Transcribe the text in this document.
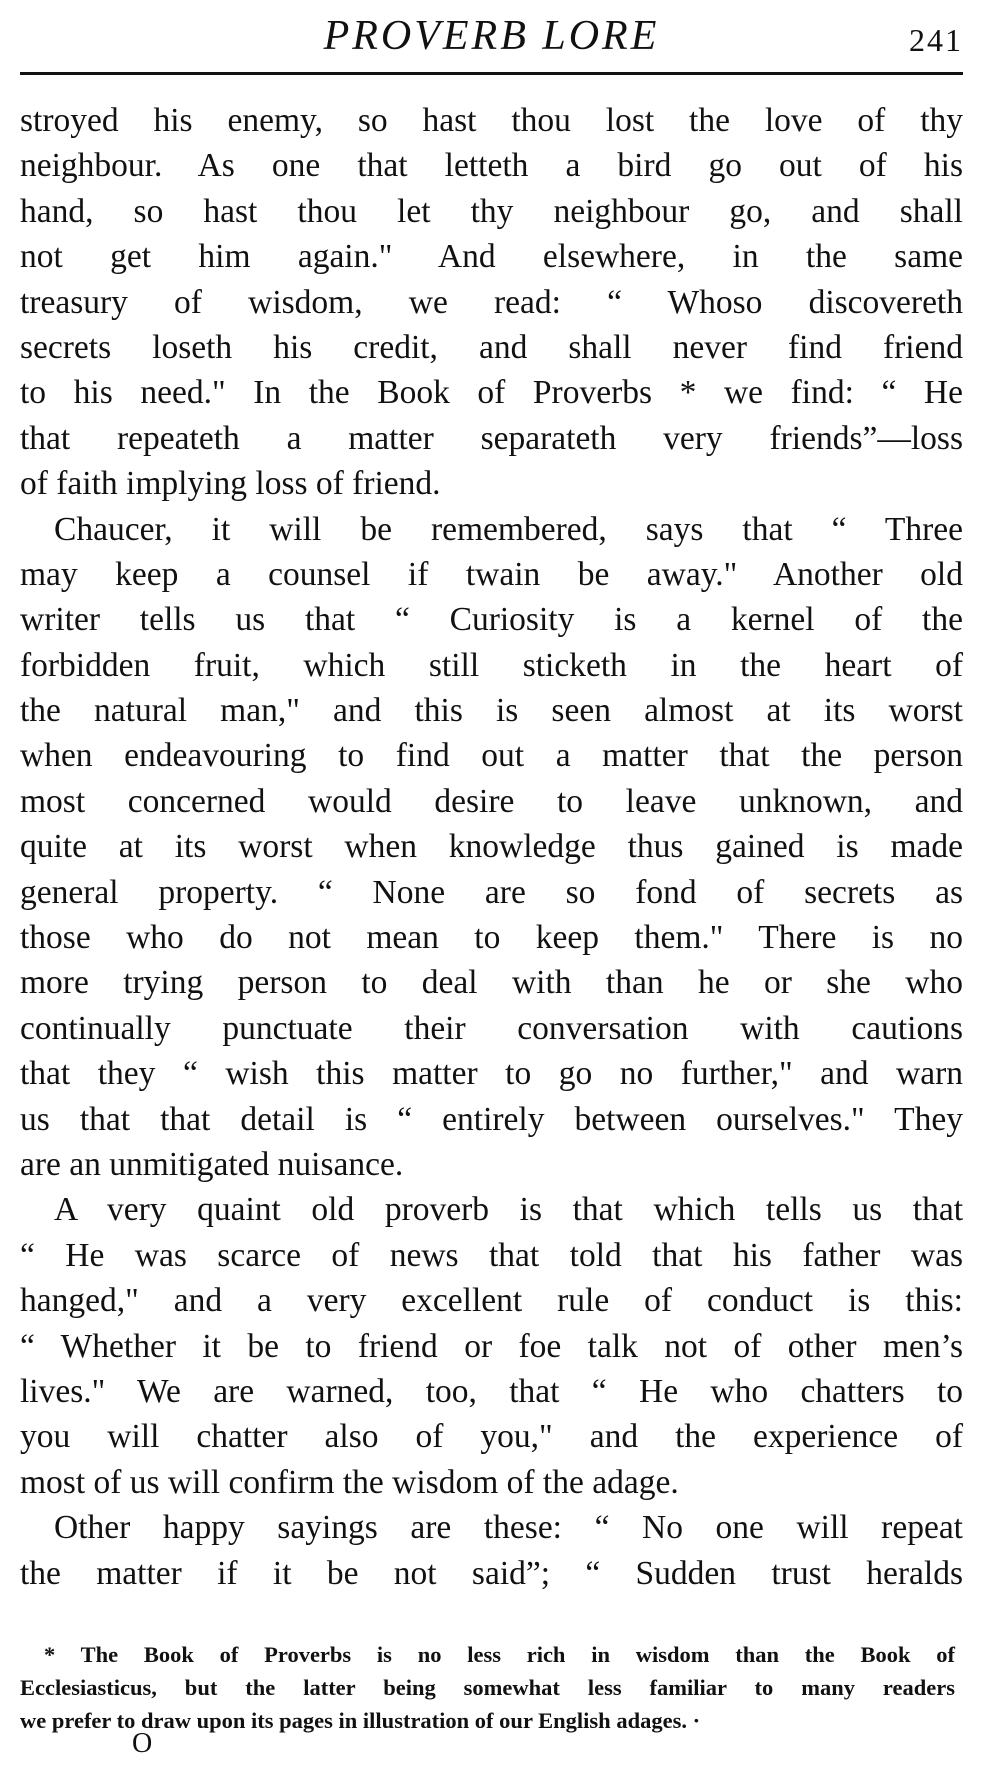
PROVERB LORE	241
stroyed his enemy, so hast thou lost the love of thy
neighbour. As one that letteth a bird go out of his
hand, so hast thou let thy neighbour go, and shall
not get him again." And elsewhere, in the same
treasury of wisdom, we read: “ Whoso discovereth
secrets loseth his credit, and shall never find friend
to his need." In the Book of Proverbs * we find: “ He
that repeateth a matter separateth very friends”—loss
of faith implying loss of friend.
Chaucer, it will be remembered, says that “ Three
may keep a counsel if twain be away." Another old
writer tells us that “ Curiosity is a kernel of the
forbidden fruit, which still sticketh in the heart of
the natural man," and this is seen almost at its worst
when endeavouring to find out a matter that the person
most concerned would desire to leave unknown, and
quite at its worst when knowledge thus gained is made
general property. “ None are so fond of secrets as
those who do not mean to keep them." There is no
more trying person to deal with than he or she who
continually punctuate their conversation with cautions
that they “ wish this matter to go no further," and warn
us that that detail is “ entirely between ourselves." They
are an unmitigated nuisance.
A very quaint old proverb is that which tells us that
“ He was scarce of news that told that his father was
hanged," and a very excellent rule of conduct is this:
“ Whether it be to friend or foe talk not of other men’s
lives." We are warned, too, that “ He who chatters to
you will chatter also of you," and the experience of
most of us will confirm the wisdom of the adage.
Other happy sayings are these: “ No one will repeat
the matter if it be not said”; “ Sudden trust heralds
* The Book of Proverbs is no less rich in wisdom than the Book of
Ecclesiasticus, but the latter being somewhat less familiar to many readers
we prefer to draw upon its pages in illustration of our English adages. ·
O
